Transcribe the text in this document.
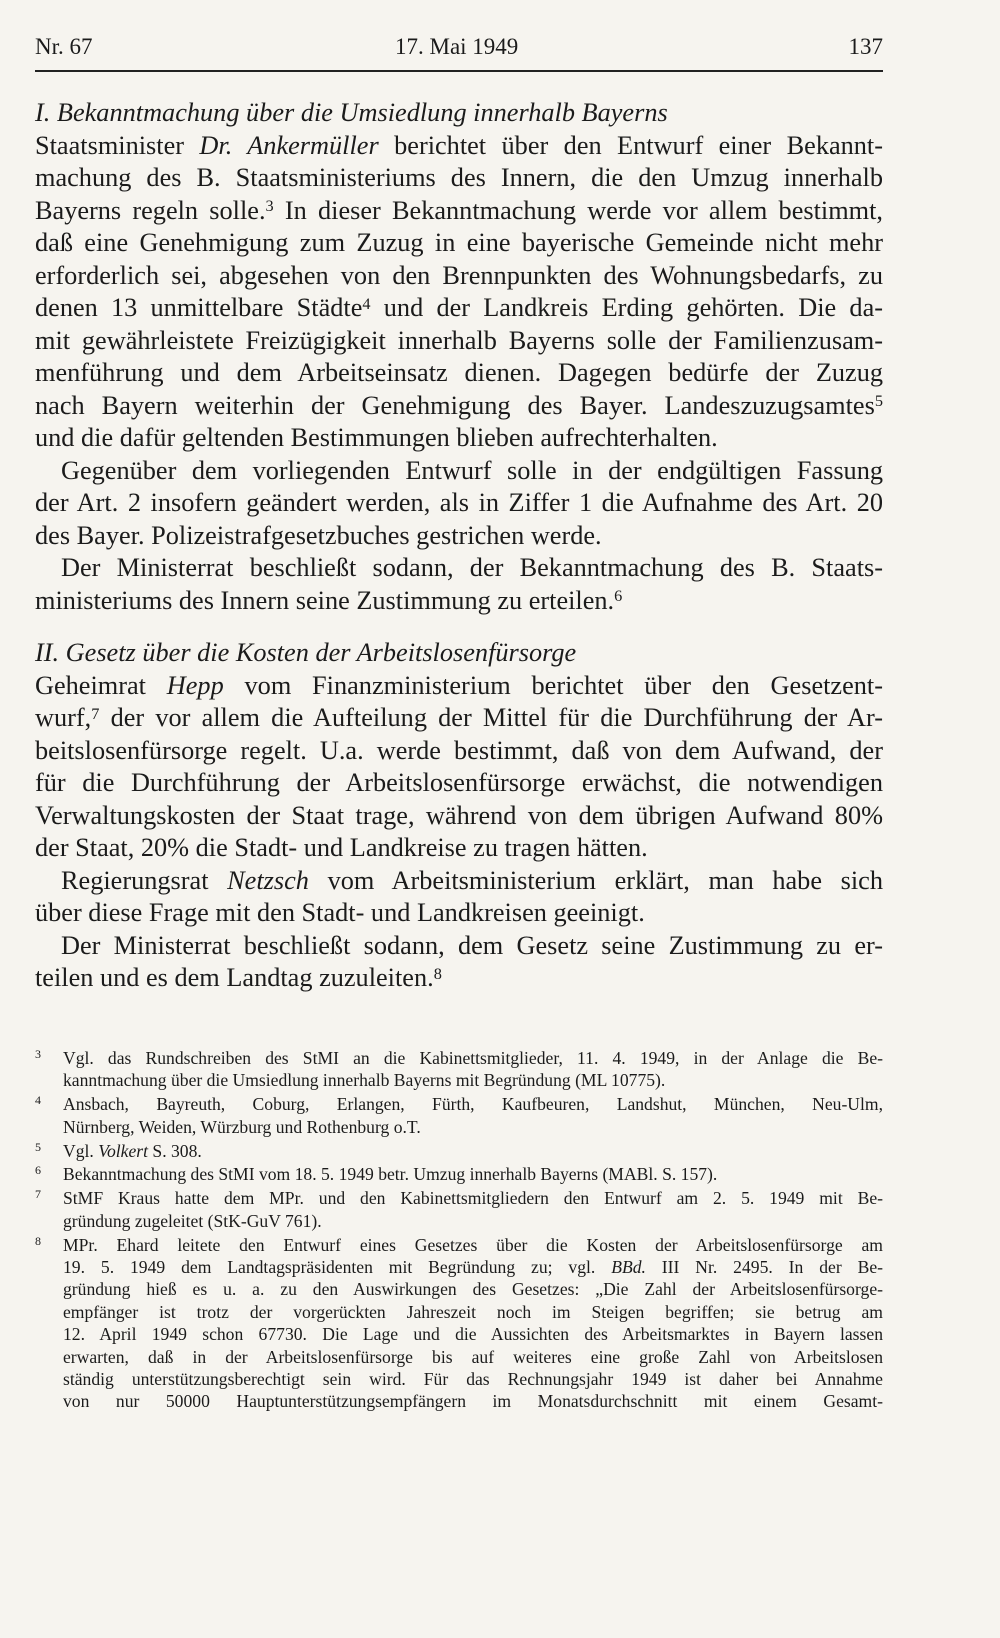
Nr. 67	17. Mai 1949	137
I. Bekanntmachung über die Umsiedlung innerhalb Bayerns
Staatsminister Dr. Ankermüller berichtet über den Entwurf einer Bekannt-
machung des B. Staatsministeriums des Innern, die den Umzug innerhalb
Bayerns regeln solle.$^3$ In dieser Bekanntmachung werde vor allem bestimmt,
daß eine Genehmigung zum Zuzug in eine bayerische Gemeinde nicht mehr
erforderlich sei, abgesehen von den Brennpunkten des Wohnungsbedarfs, zu
denen 13 unmittelbare Städte$^4$ und der Landkreis Erding gehörten. Die da-
mit gewährleistete Freizügigkeit innerhalb Bayerns solle der Familienzusam-
menführung und dem Arbeitseinsatz dienen. Dagegen bedürfe der Zuzug
nach Bayern weiterhin der Genehmigung des Bayer. Landeszuzugsamtes$^5$
und die dafür geltenden Bestimmungen blieben aufrechterhalten.
Gegenüber dem vorliegenden Entwurf solle in der endgültigen Fassung
der Art. 2 insofern geändert werden, als in Ziffer 1 die Aufnahme des Art. 20
des Bayer. Polizeistrafgesetzbuches gestrichen werde.
Der Ministerrat beschließt sodann, der Bekanntmachung des B. Staats-
ministeriums des Innern seine Zustimmung zu erteilen.$^6$
II. Gesetz über die Kosten der Arbeitslosenfürsorge
Geheimrat Hepp vom Finanzministerium berichtet über den Gesetzent-
wurf,$^7$ der vor allem die Aufteilung der Mittel für die Durchführung der Ar-
beitslosenfürsorge regelt. U.a. werde bestimmt, daß von dem Aufwand, der
für die Durchführung der Arbeitslosenfürsorge erwächst, die notwendigen
Verwaltungskosten der Staat trage, während von dem übrigen Aufwand 80%
der Staat, 20% die Stadt- und Landkreise zu tragen hätten.
Regierungsrat Netzsch vom Arbeitsministerium erklärt, man habe sich
über diese Frage mit den Stadt- und Landkreisen geeinigt.
Der Ministerrat beschließt sodann, dem Gesetz seine Zustimmung zu er-
teilen und es dem Landtag zuzuleiten.$^8$
3 Vgl. das Rundschreiben des StMI an die Kabinettsmitglieder, 11. 4. 1949, in der Anlage die Be-
kanntmachung über die Umsiedlung innerhalb Bayerns mit Begründung (ML 10775).
4 Ansbach, Bayreuth, Coburg, Erlangen, Fürth, Kaufbeuren, Landshut, München, Neu-Ulm,
Nürnberg, Weiden, Würzburg und Rothenburg o.T.
5 Vgl. Volkert S. 308.
6 Bekanntmachung des StMI vom 18. 5. 1949 betr. Umzug innerhalb Bayerns (MABl. S. 157).
7 StMF Kraus hatte dem MPr. und den Kabinettsmitgliedern den Entwurf am 2. 5. 1949 mit Be-
gründung zugeleitet (StK-GuV 761).
8 MPr. Ehard leitete den Entwurf eines Gesetzes über die Kosten der Arbeitslosenfürsorge am
19. 5. 1949 dem Landtagspräsidenten mit Begründung zu; vgl. BBd. III Nr. 2495. In der Be-
gründung hieß es u. a. zu den Auswirkungen des Gesetzes: „Die Zahl der Arbeitslosenfürsorge-
empfänger ist trotz der vorgerückten Jahreszeit noch im Steigen begriffen; sie betrug am
12. April 1949 schon 67730. Die Lage und die Aussichten des Arbeitsmarktes in Bayern lassen
erwarten, daß in der Arbeitslosenfürsorge bis auf weiteres eine große Zahl von Arbeitslosen
ständig unterstützungsberechtigt sein wird. Für das Rechnungsjahr 1949 ist daher bei Annahme
von nur 50000 Hauptunterstützungsempfängern im Monatsdurchschnitt mit einem Gesamt-
